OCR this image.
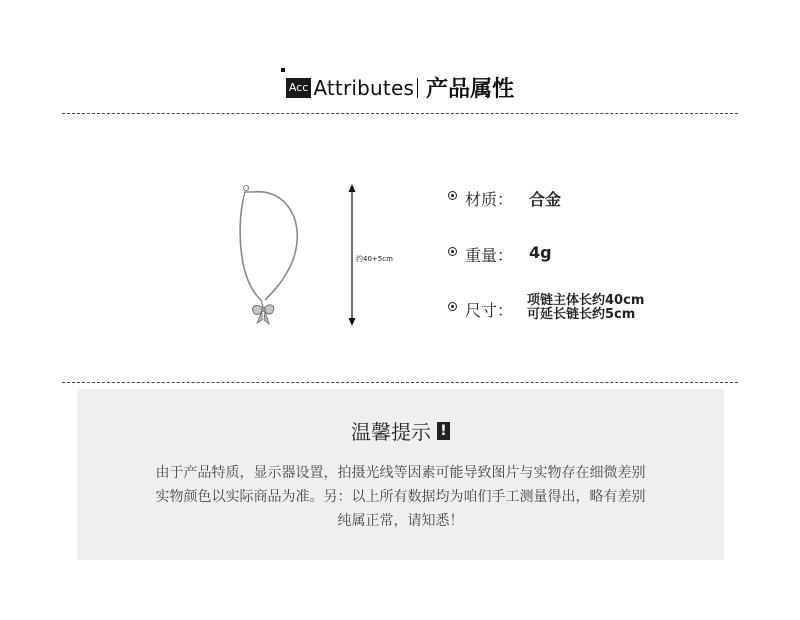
Acc Attributes 产品属性
约40+5cm
材质： 合金
重量： 4g
尺寸：
项链主体长约40cm
可延长链长约5cm
温馨提示 !
由于产品特质，显示器设置，拍摄光线等因素可能导致图片与实物存在细微差别
实物颜色以实际商品为准。另：以上所有数据均为咱们手工测量得出，略有差别
纯属正常，请知悉！
